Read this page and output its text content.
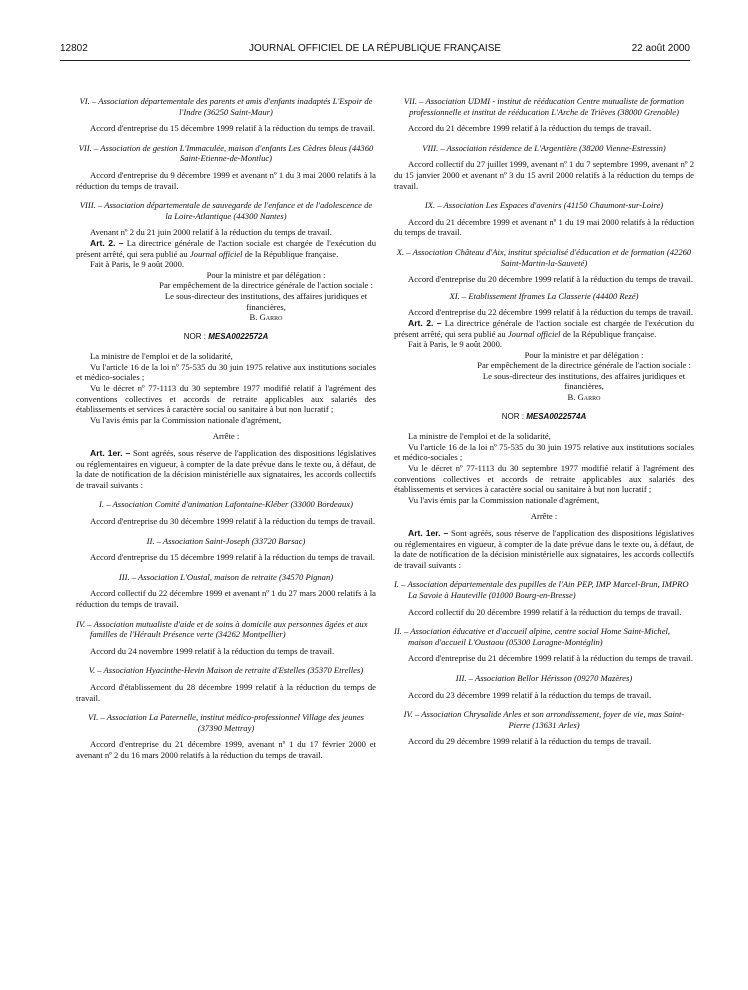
12802	JOURNAL OFFICIEL DE LA RÉPUBLIQUE FRANÇAISE	22 août 2000

VI. – Association départementale des parents et amis d'enfants inadaptés L'Espoir de l'Indre (36250 Saint-Maur)

Accord d'entreprise du 15 décembre 1999 relatif à la réduction du temps de travail.

VII. – Association de gestion L'Immaculée, maison d'enfants Les Cèdres bleus (44360 Saint-Etienne-de-Montluc)

Accord d'entreprise du 9 décembre 1999 et avenant nº 1 du 3 mai 2000 relatifs à la réduction du temps de travail.

VIII. – Association départementale de sauvegarde de l'enfance et de l'adolescence de la Loire-Atlantique (44300 Nantes)

Avenant nº 2 du 21 juin 2000 relatif à la réduction du temps de travail.

Art. 2. – La directrice générale de l'action sociale est chargée de l'exécution du présent arrêté, qui sera publié au Journal officiel de la République française.

Fait à Paris, le 9 août 2000.

Pour la ministre et par délégation :

Par empêchement de la directrice générale de l'action sociale :

Le sous-directeur des institutions, des affaires juridiques et financières,

B. Garro

NOR : MESA0022572A

La ministre de l'emploi et de la solidarité,

Vu l'article 16 de la loi nº 75-535 du 30 juin 1975 relative aux institutions sociales et médico-sociales ;

Vu le décret nº 77-1113 du 30 septembre 1977 modifié relatif à l'agrément des conventions collectives et accords de retraite applicables aux salariés des établissements et services à caractère social ou sanitaire à but non lucratif ;

Vu l'avis émis par la Commission nationale d'agrément,

Arrête :

Art. 1er. – Sont agréés, sous réserve de l'application des dispositions législatives ou réglementaires en vigueur, à compter de la date prévue dans le texte ou, à défaut, de la date de notification de la décision ministérielle aux signataires, les accords collectifs de travail suivants :

I. – Association Comité d'animation Lafontaine-Kléber (33000 Bordeaux)

Accord d'entreprise du 30 décembre 1999 relatif à la réduction du temps de travail.

II. – Association Saint-Joseph (33720 Barsac)

Accord d'entreprise du 15 décembre 1999 relatif à la réduction du temps de travail.

III. – Association L'Oustal, maison de retraite (34570 Pignan)

Accord collectif du 22 décembre 1999 et avenant nº 1 du 27 mars 2000 relatifs à la réduction du temps de travail.

IV. – Association mutualiste d'aide et de soins à domicile aux personnes âgées et aux familles de l'Hérault Présence verte (34262 Montpellier)

Accord du 24 novembre 1999 relatif à la réduction du temps de travail.

V. – Association Hyacinthe-Hevin Maison de retraite d'Estelles (35370 Etrelles)

Accord d'établissement du 28 décembre 1999 relatif à la réduction du temps de travail.

VI. – Association La Paternelle, institut médico-professionnel Village des jeunes (37390 Mettray)

Accord d'entreprise du 21 décembre 1999, avenant nº 1 du 17 février 2000 et avenant nº 2 du 16 mars 2000 relatifs à la réduction du temps de travail.

VII. – Association UDMI - institut de rééducation Centre mutualiste de formation professionnelle et institut de rééducation L'Arche de Trièves (38000 Grenoble)

Accord du 21 décembre 1999 relatif à la réduction du temps de travail.

VIII. – Association résidence de L'Argentière (38200 Vienne-Estressin)

Accord collectif du 27 juillet 1999, avenant nº 1 du 7 septembre 1999, avenant nº 2 du 15 janvier 2000 et avenant nº 3 du 15 avril 2000 relatifs à la réduction du temps de travail.

IX. – Association Les Espaces d'avenirs (41150 Chaumont-sur-Loire)

Accord du 21 décembre 1999 et avenant nº 1 du 19 mai 2000 relatifs à la réduction du temps de travail.

X. – Association Château d'Aix, institut spécialisé d'éducation et de formation (42260 Saint-Martin-la-Sauveté)

Accord d'entreprise du 20 décembre 1999 relatif à la réduction du temps de travail.

XI. – Etablissement Iframes La Classerie (44400 Rezé)

Accord d'entreprise du 22 décembre 1999 relatif à la réduction du temps de travail.

Art. 2. – La directrice générale de l'action sociale est chargée de l'exécution du présent arrêté, qui sera publié au Journal officiel de la République française.

Fait à Paris, le 9 août 2000.

Pour la ministre et par délégation :

Par empêchement de la directrice générale de l'action sociale :

Le sous-directeur des institutions, des affaires juridiques et financières,

B. Garro

NOR : MESA0022574A

La ministre de l'emploi et de la solidarité,

Vu l'article 16 de la loi nº 75-535 du 30 juin 1975 relative aux institutions sociales et médico-sociales ;

Vu le décret nº 77-1113 du 30 septembre 1977 modifié relatif à l'agrément des conventions collectives et accords de retraite applicables aux salariés des établissements et services à caractère social ou sanitaire à but non lucratif ;

Vu l'avis émis par la Commission nationale d'agrément,

Arrête :

Art. 1er. – Sont agréés, sous réserve de l'application des dispositions législatives ou réglementaires en vigueur, à compter de la date prévue dans le texte ou, à défaut, de la date de notification de la décision ministérielle aux signataires, les accords collectifs de travail suivants :

I. – Association départementale des pupilles de l'Ain PEP, IMP Marcel-Brun, IMPRO La Savoie à Hauteville (01000 Bourg-en-Bresse)

Accord collectif du 20 décembre 1999 relatif à la réduction du temps de travail.

II. – Association éducative et d'accueil alpine, centre social Home Saint-Michel, maison d'accueil L'Oustaou (05300 Laragne-Montéglin)

Accord d'entreprise du 21 décembre 1999 relatif à la réduction du temps de travail.

III. – Association Bellor Hérisson (09270 Mazères)

Accord du 23 décembre 1999 relatif à la réduction du temps de travail.

IV. – Association Chrysalide Arles et son arrondissement, foyer de vie, mas Saint-Pierre (13631 Arles)

Accord du 29 décembre 1999 relatif à la réduction du temps de travail.
